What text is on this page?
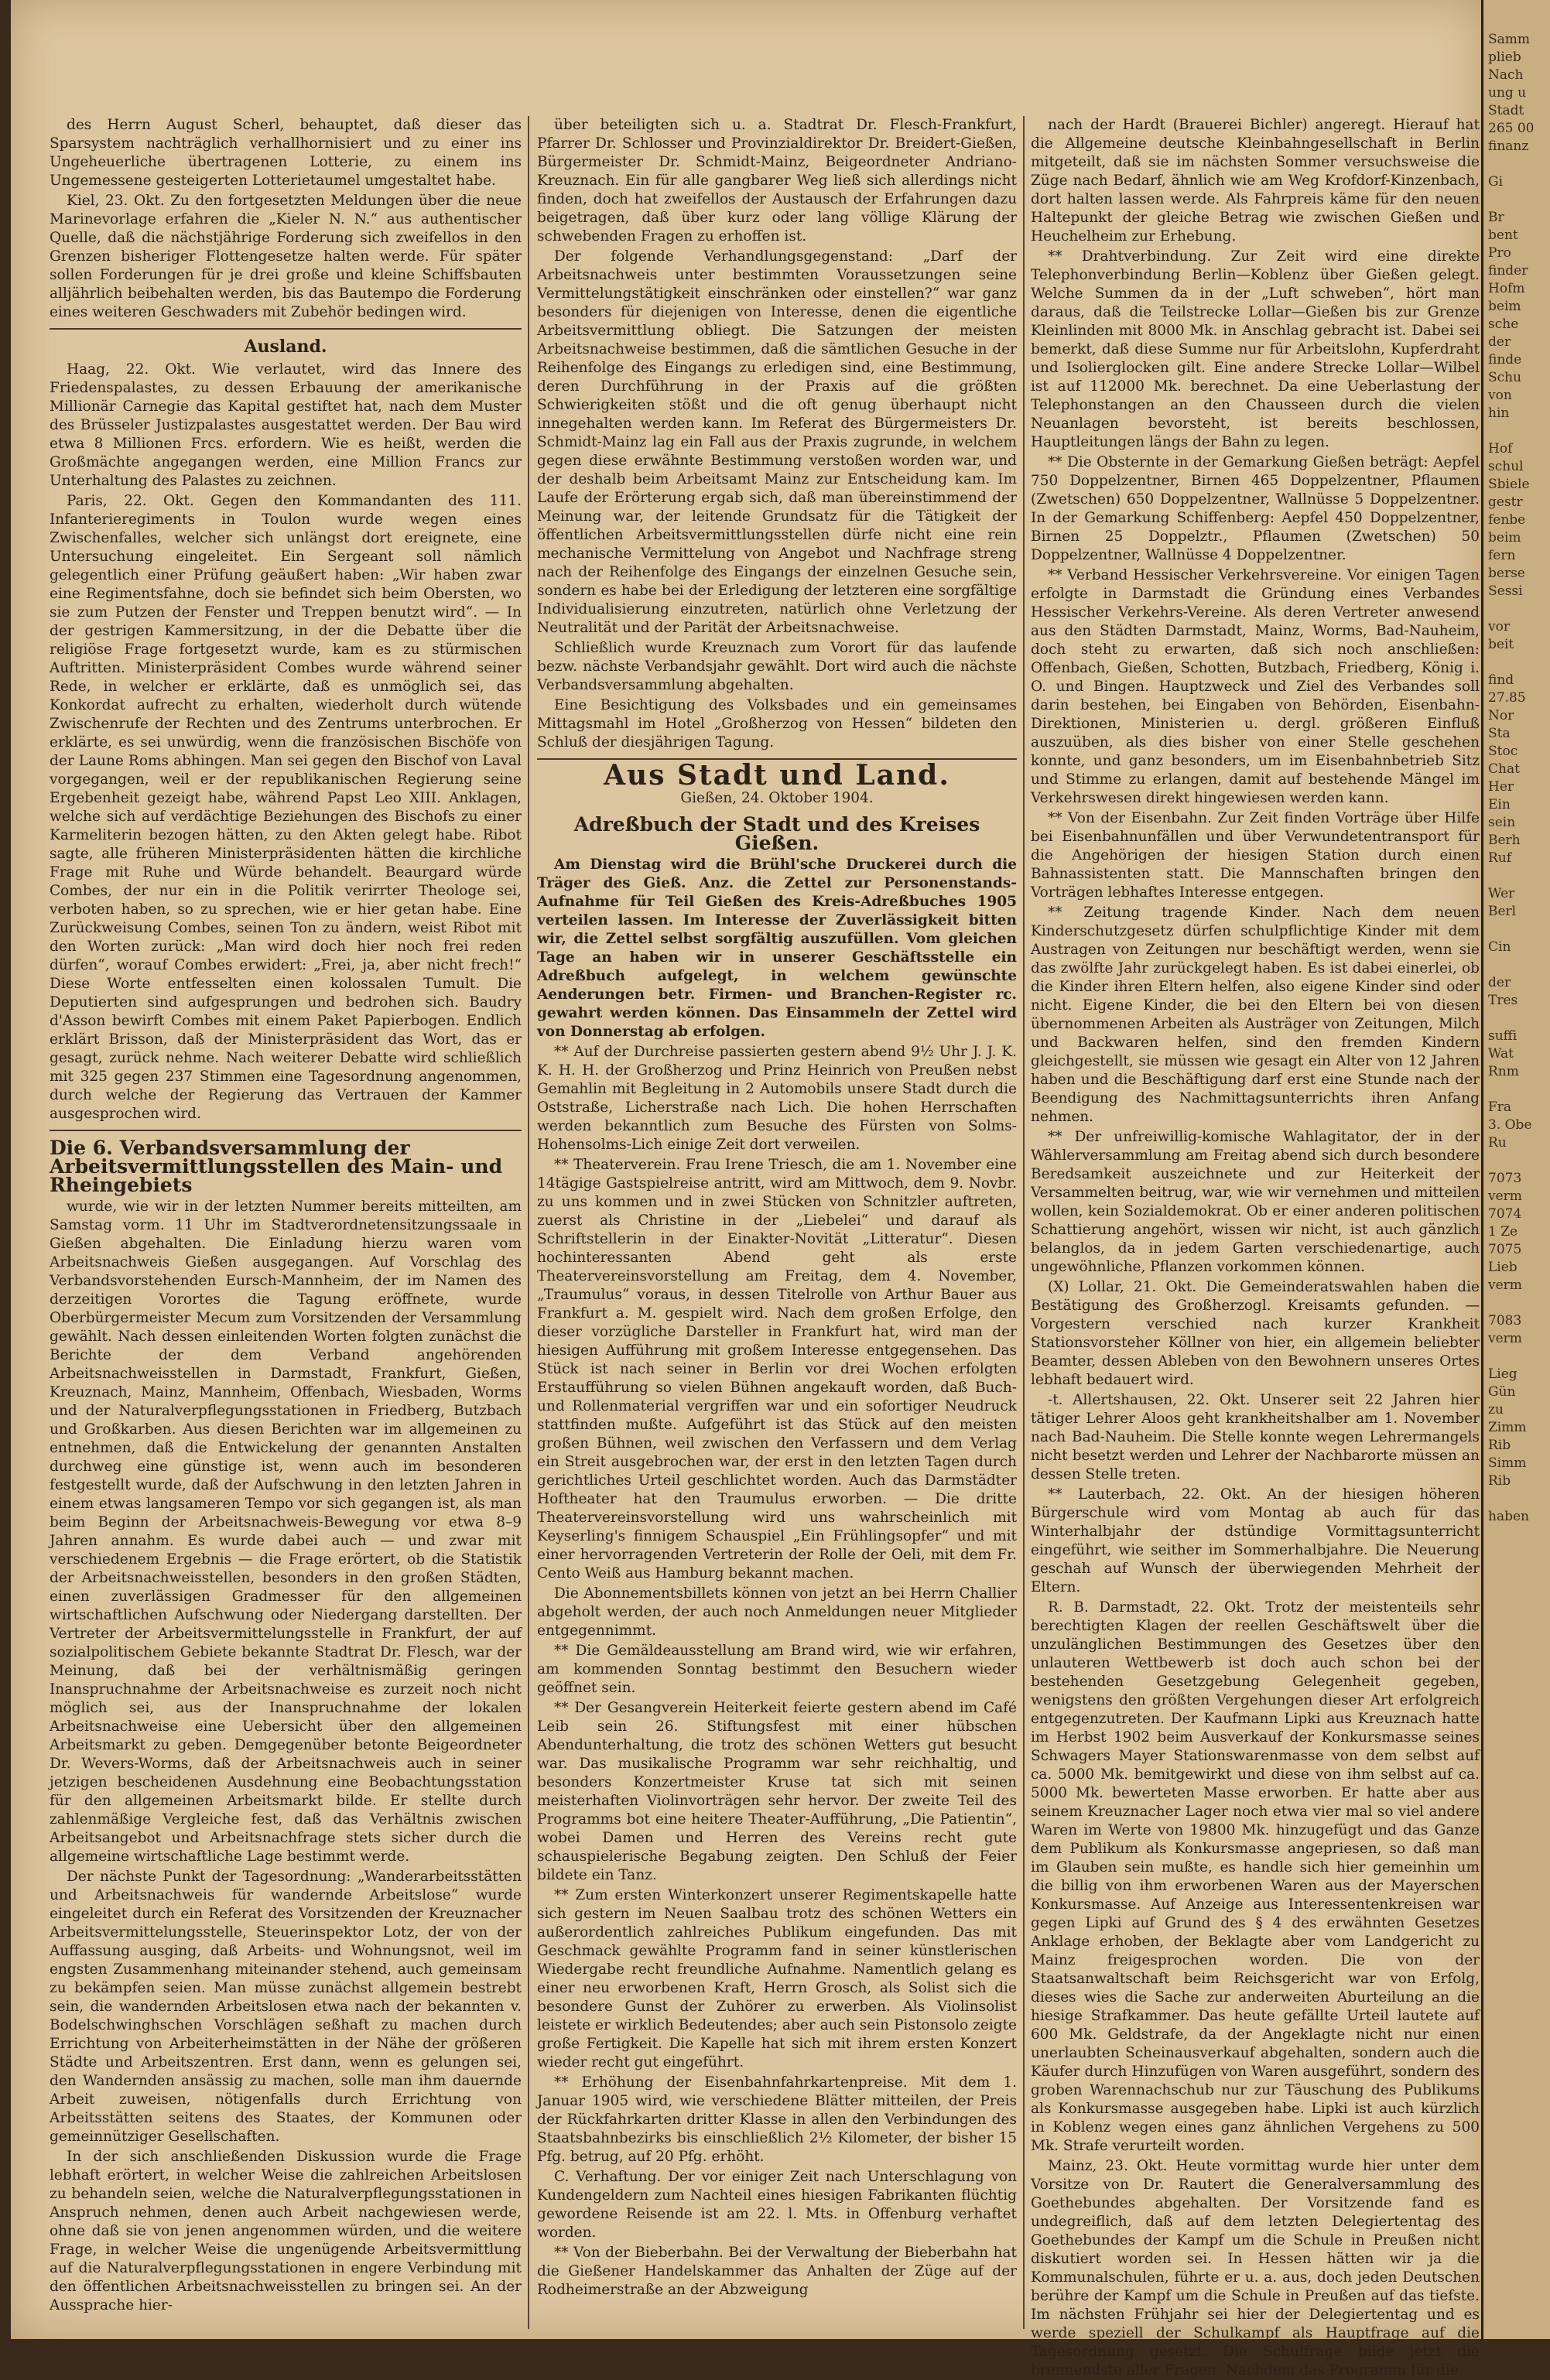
des Herrn August Scherl, behauptet, daß dieser das Sparsystem nachträglich verhallhornisiert und zu einer ins Ungeheuerliche übertragenen Lotterie, zu einem ins Ungemessene gesteigerten Lotterietaumel umgestaltet habe.

Kiel, 23. Okt. Zu den fortgesetzten Meldungen über die neue Marinevorlage erfahren die „Kieler N. N.“ aus authentischer Quelle, daß die nächstjährige Forderung sich zweifellos in den Grenzen bisheriger Flottengesetze halten werde. Für später sollen Forderungen für je drei große und kleine Schiffsbauten alljährlich beibehalten werden, bis das Bautempo die Forderung eines weiteren Geschwaders mit Zubehör bedingen wird.

Ausland.

Haag, 22. Okt. Wie verlautet, wird das Innere des Friedenspalastes, zu dessen Erbauung der amerikanische Millionär Carnegie das Kapital gestiftet hat, nach dem Muster des Brüsseler Justizpalastes ausgestattet werden. Der Bau wird etwa 8 Millionen Frcs. erfordern. Wie es heißt, werden die Großmächte angegangen werden, eine Million Francs zur Unterhaltung des Palastes zu zeichnen.

Paris, 22. Okt. Gegen den Kommandanten des 111. Infanterieregiments in Toulon wurde wegen eines Zwischenfalles, welcher sich unlängst dort ereignete, eine Untersuchung eingeleitet. Ein Sergeant soll nämlich gelegentlich einer Prüfung geäußert haben: „Wir haben zwar eine Regimentsfahne, doch sie befindet sich beim Obersten, wo sie zum Putzen der Fenster und Treppen benutzt wird“. — In der gestrigen Kammersitzung, in der die Debatte über die religiöse Frage fortgesetzt wurde, kam es zu stürmischen Auftritten. Ministerpräsident Combes wurde während seiner Rede, in welcher er erklärte, daß es unmöglich sei, das Konkordat aufrecht zu erhalten, wiederholt durch wütende Zwischenrufe der Rechten und des Zentrums unterbrochen. Er erklärte, es sei unwürdig, wenn die französischen Bischöfe von der Laune Roms abhingen. Man sei gegen den Bischof von Laval vorgegangen, weil er der republikanischen Regierung seine Ergebenheit gezeigt habe, während Papst Leo XIII. Anklagen, welche sich auf verdächtige Beziehungen des Bischofs zu einer Karmeliterin bezogen hätten, zu den Akten gelegt habe. Ribot sagte, alle früheren Ministerpräsidenten hätten die kirchliche Frage mit Ruhe und Würde behandelt. Beaurgard würde Combes, der nur ein in die Politik verirrter Theologe sei, verboten haben, so zu sprechen, wie er hier getan habe. Eine Zurückweisung Combes, seinen Ton zu ändern, weist Ribot mit den Worten zurück: „Man wird doch hier noch frei reden dürfen“, worauf Combes erwidert: „Frei, ja, aber nicht frech!“ Diese Worte entfesselten einen kolossalen Tumult. Die Deputierten sind aufgesprungen und bedrohen sich. Baudry d'Asson bewirft Combes mit einem Paket Papierbogen. Endlich erklärt Brisson, daß der Ministerpräsident das Wort, das er gesagt, zurück nehme. Nach weiterer Debatte wird schließlich mit 325 gegen 237 Stimmen eine Tagesordnung angenommen, durch welche der Regierung das Vertrauen der Kammer ausgesprochen wird.

Die 6. Verbandsversammlung der Arbeitsvermittlungsstellen des Main- und Rheingebiets

wurde, wie wir in der letzten Nummer bereits mitteilten, am Samstag vorm. 11 Uhr im Stadtverordnetensitzungssaale in Gießen abgehalten. Die Einladung hierzu waren vom Arbeitsnachweis Gießen ausgegangen. Auf Vorschlag des Verbandsvorstehenden Eursch-Mannheim, der im Namen des derzeitigen Vorortes die Tagung eröffnete, wurde Oberbürgermeister Mecum zum Vorsitzenden der Versammlung gewählt. Nach dessen einleitenden Worten folgten zunächst die Berichte der dem Verband angehörenden Arbeitsnachweisstellen in Darmstadt, Frankfurt, Gießen, Kreuznach, Mainz, Mannheim, Offenbach, Wiesbaden, Worms und der Naturalverpflegungsstationen in Friedberg, Butzbach und Großkarben. Aus diesen Berichten war im allgemeinen zu entnehmen, daß die Entwickelung der genannten Anstalten durchweg eine günstige ist, wenn auch im besonderen festgestellt wurde, daß der Aufschwung in den letzten Jahren in einem etwas langsameren Tempo vor sich gegangen ist, als man beim Beginn der Arbeitsnachweis-Bewegung vor etwa 8–9 Jahren annahm. Es wurde dabei auch — und zwar mit verschiedenem Ergebnis — die Frage erörtert, ob die Statistik der Arbeitsnachweisstellen, besonders in den großen Städten, einen zuverlässigen Gradmesser für den allgemeinen wirtschaftlichen Aufschwung oder Niedergang darstellten. Der Vertreter der Arbeitsvermittelungsstelle in Frankfurt, der auf sozialpolitischem Gebiete bekannte Stadtrat Dr. Flesch, war der Meinung, daß bei der verhältnismäßig geringen Inanspruchnahme der Arbeitsnachweise es zurzeit noch nicht möglich sei, aus der Inanspruchnahme der lokalen Arbeitsnachweise eine Uebersicht über den allgemeinen Arbeitsmarkt zu geben. Demgegenüber betonte Beigeordneter Dr. Wevers-Worms, daß der Arbeitsnachweis auch in seiner jetzigen bescheidenen Ausdehnung eine Beobachtungsstation für den allgemeinen Arbeitsmarkt bilde. Er stellte durch zahlenmäßige Vergleiche fest, daß das Verhältnis zwischen Arbeitsangebot und Arbeitsnachfrage stets sicher durch die allgemeine wirtschaftliche Lage bestimmt werde.

Der nächste Punkt der Tagesordnung: „Wanderarbeitsstätten und Arbeitsnachweis für wandernde Arbeitslose“ wurde eingeleitet durch ein Referat des Vorsitzenden der Kreuznacher Arbeitsvermittelungsstelle, Steuerinspektor Lotz, der von der Auffassung ausging, daß Arbeits- und Wohnungsnot, weil im engsten Zusammenhang miteinander stehend, auch gemeinsam zu bekämpfen seien. Man müsse zunächst allgemein bestrebt sein, die wandernden Arbeitslosen etwa nach der bekannten v. Bodelschwinghschen Vorschlägen seßhaft zu machen durch Errichtung von Arbeiterheimstätten in der Nähe der größeren Städte und Arbeitszentren. Erst dann, wenn es gelungen sei, den Wandernden ansässig zu machen, solle man ihm dauernde Arbeit zuweisen, nötigenfalls durch Errichtung von Arbeitsstätten seitens des Staates, der Kommunen oder gemeinnütziger Gesellschaften.

In der sich anschließenden Diskussion wurde die Frage lebhaft erörtert, in welcher Weise die zahlreichen Arbeitslosen zu behandeln seien, welche die Naturalverpflegungsstationen in Anspruch nehmen, denen auch Arbeit nachgewiesen werde, ohne daß sie von jenen angenommen würden, und die weitere Frage, in welcher Weise die ungenügende Arbeitsvermittlung auf die Naturalverpflegungsstationen in engere Verbindung mit den öffentlichen Arbeitsnachweisstellen zu bringen sei. An der Aussprache hier-

über beteiligten sich u. a. Stadtrat Dr. Flesch-Frankfurt, Pfarrer Dr. Schlosser und Provinzialdirektor Dr. Breidert-Gießen, Bürgermeister Dr. Schmidt-Mainz, Beigeordneter Andriano-Kreuznach. Ein für alle gangbarer Weg ließ sich allerdings nicht finden, doch hat zweifellos der Austausch der Erfahrungen dazu beigetragen, daß über kurz oder lang völlige Klärung der schwebenden Fragen zu erhoffen ist.

Der folgende Verhandlungsgegenstand: „Darf der Arbeitsnachweis unter bestimmten Voraussetzungen seine Vermittelungstätigkeit einschränken oder einstellen?“ war ganz besonders für diejenigen von Interesse, denen die eigentliche Arbeitsvermittlung obliegt. Die Satzungen der meisten Arbeitsnachweise bestimmen, daß die sämtlichen Gesuche in der Reihenfolge des Eingangs zu erledigen sind, eine Bestimmung, deren Durchführung in der Praxis auf die größten Schwierigkeiten stößt und die oft genug überhaupt nicht innegehalten werden kann. Im Referat des Bürgermeisters Dr. Schmidt-Mainz lag ein Fall aus der Praxis zugrunde, in welchem gegen diese erwähnte Bestimmung verstoßen worden war, und der deshalb beim Arbeitsamt Mainz zur Entscheidung kam. Im Laufe der Erörterung ergab sich, daß man übereinstimmend der Meinung war, der leitende Grundsatz für die Tätigkeit der öffentlichen Arbeitsvermittlungsstellen dürfe nicht eine rein mechanische Vermittelung von Angebot und Nachfrage streng nach der Reihenfolge des Eingangs der einzelnen Gesuche sein, sondern es habe bei der Erledigung der letzteren eine sorgfältige Individualisierung einzutreten, natürlich ohne Verletzung der Neutralität und der Parität der Arbeitsnachweise.

Schließlich wurde Kreuznach zum Vorort für das laufende bezw. nächste Verbandsjahr gewählt. Dort wird auch die nächste Verbandsversammlung abgehalten.

Eine Besichtigung des Volksbades und ein gemeinsames Mittagsmahl im Hotel „Großherzog von Hessen“ bildeten den Schluß der diesjährigen Tagung.

Aus Stadt und Land.

Gießen, 24. Oktober 1904.

Adreßbuch der Stadt und des Kreises Gießen.

Am Dienstag wird die Brühl'sche Druckerei durch die Träger des Gieß. Anz. die Zettel zur Personenstands-Aufnahme für Teil Gießen des Kreis-Adreßbuches 1905 verteilen lassen. Im Interesse der Zuverlässigkeit bitten wir, die Zettel selbst sorgfältig auszufüllen. Vom gleichen Tage an haben wir in unserer Geschäftsstelle ein Adreßbuch aufgelegt, in welchem gewünschte Aenderungen betr. Firmen- und Branchen-Register rc. gewahrt werden können. Das Einsammeln der Zettel wird von Donnerstag ab erfolgen.

** Auf der Durchreise passierten gestern abend 9½ Uhr J. J. K. K. H. H. der Großherzog und Prinz Heinrich von Preußen nebst Gemahlin mit Begleitung in 2 Automobils unsere Stadt durch die Oststraße, Licherstraße nach Lich. Die hohen Herrschaften werden bekanntlich zum Besuche des Fürsten von Solms-Hohensolms-Lich einige Zeit dort verweilen.

** Theaterverein. Frau Irene Triesch, die am 1. November eine 14tägige Gastspielreise antritt, wird am Mittwoch, dem 9. Novbr. zu uns kommen und in zwei Stücken von Schnitzler auftreten, zuerst als Christine in der „Liebelei“ und darauf als Schriftstellerin in der Einakter-Novität „Litteratur“. Diesen hochinteressanten Abend geht als erste Theatervereinsvorstellung am Freitag, dem 4. November, „Traumulus“ voraus, in dessen Titelrolle von Arthur Bauer aus Frankfurt a. M. gespielt wird. Nach dem großen Erfolge, den dieser vorzügliche Darsteller in Frankfurt hat, wird man der hiesigen Aufführung mit großem Interesse entgegensehen. Das Stück ist nach seiner in Berlin vor drei Wochen erfolgten Erstaufführung so vielen Bühnen angekauft worden, daß Buch- und Rollenmaterial vergriffen war und ein sofortiger Neudruck stattfinden mußte. Aufgeführt ist das Stück auf den meisten großen Bühnen, weil zwischen den Verfassern und dem Verlag ein Streit ausgebrochen war, der erst in den letzten Tagen durch gerichtliches Urteil geschlichtet worden. Auch das Darmstädter Hoftheater hat den Traumulus erworben. — Die dritte Theatervereinsvorstellung wird uns wahrscheinlich mit Keyserling's finnigem Schauspiel „Ein Frühlingsopfer“ und mit einer hervorragenden Vertreterin der Rolle der Oeli, mit dem Fr. Cento Weiß aus Hamburg bekannt machen.

Die Abonnementsbillets können von jetzt an bei Herrn Challier abgeholt werden, der auch noch Anmeldungen neuer Mitglieder entgegennimmt.

** Die Gemäldeausstellung am Brand wird, wie wir erfahren, am kommenden Sonntag bestimmt den Besuchern wieder geöffnet sein.

** Der Gesangverein Heiterkeit feierte gestern abend im Café Leib sein 26. Stiftungsfest mit einer hübschen Abendunterhaltung, die trotz des schönen Wetters gut besucht war. Das musikalische Programm war sehr reichhaltig, und besonders Konzertmeister Kruse tat sich mit seinen meisterhaften Violinvorträgen sehr hervor. Der zweite Teil des Programms bot eine heitere Theater-Aufführung, „Die Patientin“, wobei Damen und Herren des Vereins recht gute schauspielerische Begabung zeigten. Den Schluß der Feier bildete ein Tanz.

** Zum ersten Winterkonzert unserer Regimentskapelle hatte sich gestern im Neuen Saalbau trotz des schönen Wetters ein außerordentlich zahlreiches Publikum eingefunden. Das mit Geschmack gewählte Programm fand in seiner künstlerischen Wiedergabe recht freundliche Aufnahme. Namentlich gelang es einer neu erworbenen Kraft, Herrn Grosch, als Solist sich die besondere Gunst der Zuhörer zu erwerben. Als Violinsolist leistete er wirklich Bedeutendes; aber auch sein Pistonsolo zeigte große Fertigkeit. Die Kapelle hat sich mit ihrem ersten Konzert wieder recht gut eingeführt.

** Erhöhung der Eisenbahnfahrkartenpreise. Mit dem 1. Januar 1905 wird, wie verschiedene Blätter mitteilen, der Preis der Rückfahrkarten dritter Klasse in allen den Verbindungen des Staatsbahnbezirks bis einschließlich 2½ Kilometer, der bisher 15 Pfg. betrug, auf 20 Pfg. erhöht.

C. Verhaftung. Der vor einiger Zeit nach Unterschlagung von Kundengeldern zum Nachteil eines hiesigen Fabrikanten flüchtig gewordene Reisende ist am 22. l. Mts. in Offenburg verhaftet worden.

** Von der Bieberbahn. Bei der Verwaltung der Bieberbahn hat die Gießener Handelskammer das Anhalten der Züge auf der Rodheimerstraße an der Abzweigung

nach der Hardt (Brauerei Bichler) angeregt. Hierauf hat die Allgemeine deutsche Kleinbahngesellschaft in Berlin mitgeteilt, daß sie im nächsten Sommer versuchsweise die Züge nach Bedarf, ähnlich wie am Weg Krofdorf-Kinzenbach, dort halten lassen werde. Als Fahrpreis käme für den neuen Haltepunkt der gleiche Betrag wie zwischen Gießen und Heuchelheim zur Erhebung.

** Drahtverbindung. Zur Zeit wird eine direkte Telephonverbindung Berlin—Koblenz über Gießen gelegt. Welche Summen da in der „Luft schweben“, hört man daraus, daß die Teilstrecke Lollar—Gießen bis zur Grenze Kleinlinden mit 8000 Mk. in Anschlag gebracht ist. Dabei sei bemerkt, daß diese Summe nur für Arbeitslohn, Kupferdraht und Isolierglocken gilt. Eine andere Strecke Lollar—Wilbel ist auf 112000 Mk. berechnet. Da eine Ueberlastung der Telephonstangen an den Chausseen durch die vielen Neuanlagen bevorsteht, ist bereits beschlossen, Hauptleitungen längs der Bahn zu legen.

** Die Obsternte in der Gemarkung Gießen beträgt: Aepfel 750 Doppelzentner, Birnen 465 Doppelzentner, Pflaumen (Zwetschen) 650 Doppelzentner, Wallnüsse 5 Doppelzentner. In der Gemarkung Schiffenberg: Aepfel 450 Doppelzentner, Birnen 25 Doppelztr., Pflaumen (Zwetschen) 50 Doppelzentner, Wallnüsse 4 Doppelzentner.

** Verband Hessischer Verkehrsvereine. Vor einigen Tagen erfolgte in Darmstadt die Gründung eines Verbandes Hessischer Verkehrs-Vereine. Als deren Vertreter anwesend aus den Städten Darmstadt, Mainz, Worms, Bad-Nauheim, doch steht zu erwarten, daß sich noch anschließen: Offenbach, Gießen, Schotten, Butzbach, Friedberg, König i. O. und Bingen. Hauptzweck und Ziel des Verbandes soll darin bestehen, bei Eingaben von Behörden, Eisenbahn-Direktionen, Ministerien u. dergl. größeren Einfluß auszuüben, als dies bisher von einer Stelle geschehen konnte, und ganz besonders, um im Eisenbahnbetrieb Sitz und Stimme zu erlangen, damit auf bestehende Mängel im Verkehrswesen direkt hingewiesen werden kann.

** Von der Eisenbahn. Zur Zeit finden Vorträge über Hilfe bei Eisenbahnunfällen und über Verwundetentransport für die Angehörigen der hiesigen Station durch einen Bahnassistenten statt. Die Mannschaften bringen den Vorträgen lebhaftes Interesse entgegen.

** Zeitung tragende Kinder. Nach dem neuen Kinderschutzgesetz dürfen schulpflichtige Kinder mit dem Austragen von Zeitungen nur beschäftigt werden, wenn sie das zwölfte Jahr zurückgelegt haben. Es ist dabei einerlei, ob die Kinder ihren Eltern helfen, also eigene Kinder sind oder nicht. Eigene Kinder, die bei den Eltern bei von diesen übernommenen Arbeiten als Austräger von Zeitungen, Milch und Backwaren helfen, sind den fremden Kindern gleichgestellt, sie müssen wie gesagt ein Alter von 12 Jahren haben und die Beschäftigung darf erst eine Stunde nach der Beendigung des Nachmittagsunterrichts ihren Anfang nehmen.

** Der unfreiwillig-komische Wahlagitator, der in der Wählerversammlung am Freitag abend sich durch besondere Beredsamkeit auszeichnete und zur Heiterkeit der Versammelten beitrug, war, wie wir vernehmen und mitteilen wollen, kein Sozialdemokrat. Ob er einer anderen politischen Schattierung angehört, wissen wir nicht, ist auch gänzlich belanglos, da in jedem Garten verschiedenartige, auch ungewöhnliche, Pflanzen vorkommen können.

(X) Lollar, 21. Okt. Die Gemeinderatswahlen haben die Bestätigung des Großherzogl. Kreisamts gefunden. — Vorgestern verschied nach kurzer Krankheit Stationsvorsteher Köllner von hier, ein allgemein beliebter Beamter, dessen Ableben von den Bewohnern unseres Ortes lebhaft bedauert wird.

-t. Allertshausen, 22. Okt. Unserer seit 22 Jahren hier tätiger Lehrer Aloos geht krankheitshalber am 1. November nach Bad-Nauheim. Die Stelle konnte wegen Lehrermangels nicht besetzt werden und Lehrer der Nachbarorte müssen an dessen Stelle treten.

** Lauterbach, 22. Okt. An der hiesigen höheren Bürgerschule wird vom Montag ab auch für das Winterhalbjahr der dstündige Vormittagsunterricht eingeführt, wie seither im Sommerhalbjahre. Die Neuerung geschah auf Wunsch der überwiegenden Mehrheit der Eltern.

R. B. Darmstadt, 22. Okt. Trotz der meistenteils sehr berechtigten Klagen der reellen Geschäftswelt über die unzulänglichen Bestimmungen des Gesetzes über den unlauteren Wettbewerb ist doch auch schon bei der bestehenden Gesetzgebung Gelegenheit gegeben, wenigstens den größten Vergehungen dieser Art erfolgreich entgegenzutreten. Der Kaufmann Lipki aus Kreuznach hatte im Herbst 1902 beim Ausverkauf der Konkursmasse seines Schwagers Mayer Stationswarenmasse von dem selbst auf ca. 5000 Mk. bemitgewirkt und diese von ihm selbst auf ca. 5000 Mk. bewerteten Masse erworben. Er hatte aber aus seinem Kreuznacher Lager noch etwa vier mal so viel andere Waren im Werte von 19800 Mk. hinzugefügt und das Ganze dem Publikum als Konkursmasse angepriesen, so daß man im Glauben sein mußte, es handle sich hier gemeinhin um die billig von ihm erworbenen Waren aus der Mayerschen Konkursmasse. Auf Anzeige aus Interessentenkreisen war gegen Lipki auf Grund des § 4 des erwähnten Gesetzes Anklage erhoben, der Beklagte aber vom Landgericht zu Mainz freigesprochen worden. Die von der Staatsanwaltschaft beim Reichsgericht war von Erfolg, dieses wies die Sache zur anderweiten Aburteilung an die hiesige Strafkammer. Das heute gefällte Urteil lautete auf 600 Mk. Geldstrafe, da der Angeklagte nicht nur einen unerlaubten Scheinausverkauf abgehalten, sondern auch die Käufer durch Hinzufügen von Waren ausgeführt, sondern des groben Warennachschub nur zur Täuschung des Publikums als Konkursmasse ausgegeben habe. Lipki ist auch kürzlich in Koblenz wegen eines ganz ähnlichen Vergehens zu 500 Mk. Strafe verurteilt worden.

Mainz, 23. Okt. Heute vormittag wurde hier unter dem Vorsitze von Dr. Rautert die Generalversammlung des Goethebundes abgehalten. Der Vorsitzende fand es undegreiflich, daß auf dem letzten Delegiertentag des Goethebundes der Kampf um die Schule in Preußen nicht diskutiert worden sei. In Hessen hätten wir ja die Kommunalschulen, führte er u. a. aus, doch jeden Deutschen berühre der Kampf um die Schule in Preußen auf das tiefste. Im nächsten Frühjahr sei hier der Delegiertentag und es werde speziell der Schulkampf als Hauptfrage auf die Tagesordnung gesetzt. Die Schulfrage bilde jetzt die brennendste aller Fragen. Nachdem das Programm für die

Samm
plieb
Nach
ung u
Stadt
265 00
finanz

Gi

Br
bent
Pro
finder
Hofm
beim
sche
der
finde
Schu
von
hin

Hof
schul
Sbiele
gestr
fenbe
beim
fern
berse
Sessi

vor
beit

find
27.85
Nor
Sta
Stoc
Chat
Her
Ein
sein
Berh
Ruf

Wer
Berl

Cin

der
Tres

suffi
Wat
Rnm

Fra
3. Obe
Ru

7073
verm
7074
1 Ze
7075
Lieb
verm

7083
verm

Lieg
Gün
zu
Zimm
Rib
Simm
Rib

haben
